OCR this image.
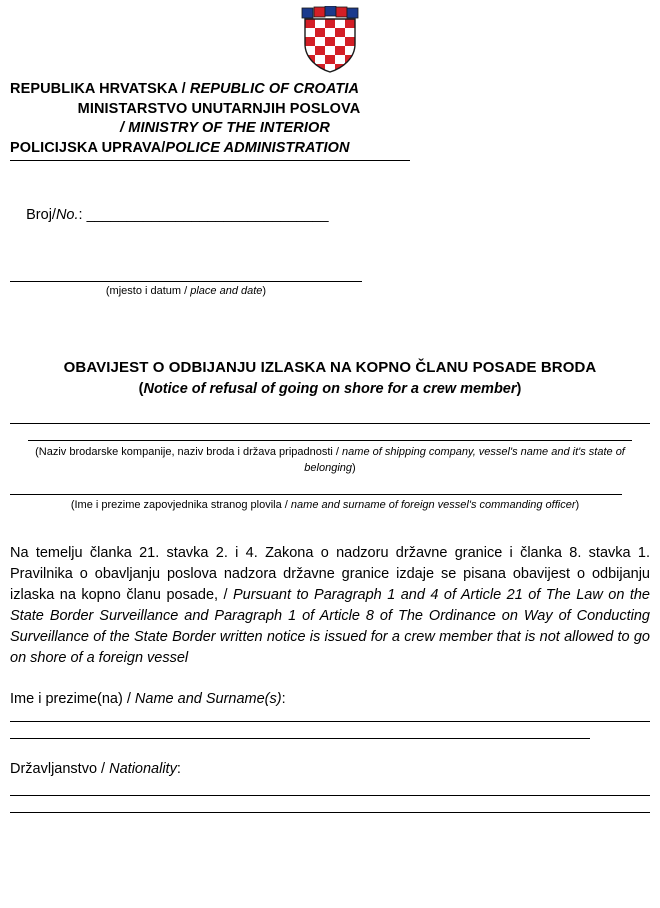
REPUBLIKA HRVATSKA / REPUBLIC OF CROATIA
MINISTARSTVO UNUTARNJIH POSLOVA
/ MINISTRY OF THE INTERIOR
POLICIJSKA UPRAVA/POLICE ADMINISTRATION

Broj/No.: ______________________________

(mjesto i datum / place and date)
OBAVIJEST O ODBIJANJU IZLASKA NA KOPNO ČLANU POSADE BRODA
(Notice of refusal of going on shore for a crew member)
(Naziv brodarske kompanije, naziv broda i država pripadnosti / name of shipping company, vessel's name and it's state of belonging)
(Ime i prezime zapovjednika stranog plovila / name and surname of foreign vessel's commanding officer)
Na temelju članka 21. stavka 2. i 4. Zakona o nadzoru državne granice i članka 8. stavka 1. Pravilnika o obavljanju poslova nadzora državne granice izdaje se pisana obavijest o odbijanju izlaska na kopno članu posade, / Pursuant to Paragraph 1 and 4 of Article 21 of The Law on the State Border Surveillance and Paragraph 1 of Article 8 of The Ordinance on Way of Conducting Surveillance of the State Border written notice is issued for a crew member that is not allowed to go on shore of a foreign vessel
Ime i prezime(na) / Name and Surname(s):
Državljanstvo / Nationality:
